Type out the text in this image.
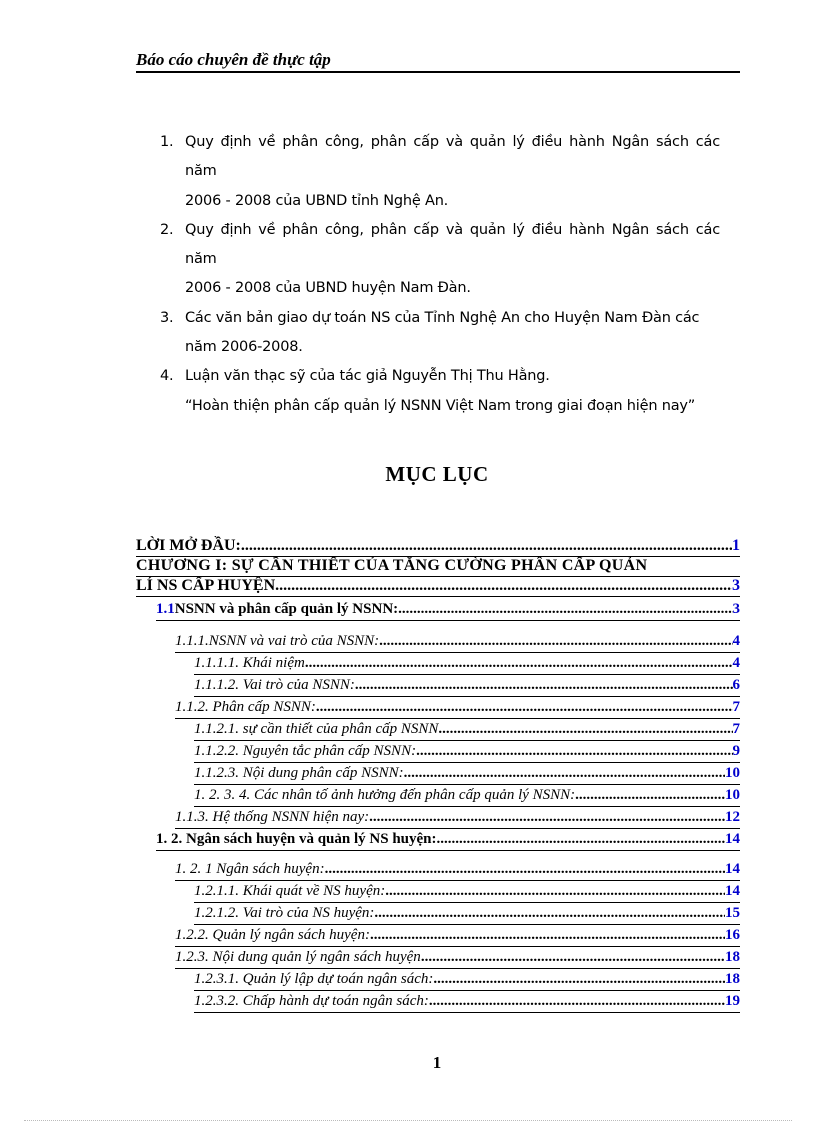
Báo cáo chuyên đề thực tập
1. Quy định về phân công, phân cấp và quản lý điều hành Ngân sách các năm
2006 - 2008 của UBND tỉnh Nghệ An.
2. Quy định về phân công, phân cấp và quản lý điều hành Ngân sách các năm
2006 - 2008 của UBND huyện Nam Đàn.
3. Các văn bản giao dự toán NS của Tỉnh Nghệ An cho Huyện Nam Đàn các
năm 2006-2008.
4. Luận văn thạc sỹ của tác giả Nguyễn Thị Thu Hằng.
“Hoàn thiện phân cấp quản lý NSNN Việt Nam trong giai đoạn hiện nay”
MỤC LỤC
LỜI MỞ ĐẦU: .....	1
CHƯƠNG I: SỰ CẦN THIẾT CỦA TĂNG CƯỜNG PHÂN CẤP QUẢN
LÍ NS CẤP HUYỆN. .....	3
1.1 NSNN và phân cấp quản lý NSNN: .....	3
1.1.1.NSNN và vai trò của NSNN: .....	4
1.1.1.1. Khái niệm .....	4
1.1.1.2. Vai trò của NSNN: .....	6
1.1.2. Phân cấp NSNN: .....	7
1.1.2.1. sự cần thiết của phân cấp NSNN .....	7
1.1.2.2. Nguyên tắc phân cấp NSNN: .....	9
1.1.2.3. Nội dung phân cấp NSNN: .....	10
1. 2. 3. 4. Các nhân tố ảnh hưởng đến phân cấp quản lý NSNN: .....	10
1.1.3. Hệ thống NSNN hiện nay: .....	12
1. 2. Ngân sách huyện và quản lý NS huyện: .....	14
1. 2. 1 Ngân sách huyện: .....	14
1.2.1.1. Khái quát về NS huyện: .....	14
1.2.1.2. Vai trò của NS huyện: .....	15
1.2.2. Quản lý ngân sách huyện: .....	16
1.2.3. Nội dung quản lý ngân sách huyện .....	18
1.2.3.1. Quản lý lập dự toán ngân sách: .....	18
1.2.3.2. Chấp hành dự toán ngân sách: .....	19
1
